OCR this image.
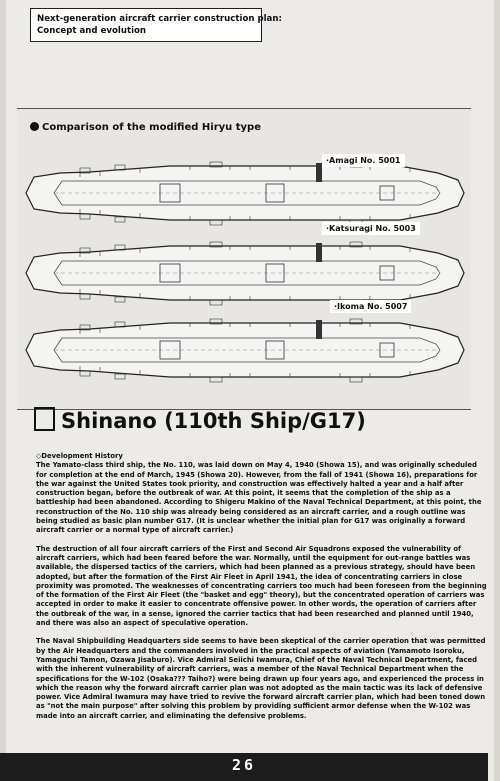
Next-generation aircraft carrier construction plan:
Concept and evolution
Comparison of the modified Hiryu type
·Amagi No. 5001
·Katsuragi No. 5003
·Ikoma No. 5007
Shinano (110th Ship/G17)

◇Development History

The Yamato-class third ship, the No. 110, was laid down on May 4, 1940 (Showa 15), and was originally scheduled for completion at the end of March, 1945 (Showa 20). However, from the fall of 1941 (Showa 16), preparations for the war against the United States took priority, and construction was effectively halted a year and a half after construction began, before the outbreak of war. At this point, it seems that the completion of the ship as a battleship had been abandoned. According to Shigeru Makino of the Naval Technical Department, at this point, the reconstruction of the No. 110 ship was already being considered as an aircraft carrier, and a rough outline was being studied as basic plan number G17. (It is unclear whether the initial plan for G17 was originally a forward aircraft carrier or a normal type of aircraft carrier.)

The destruction of all four aircraft carriers of the First and Second Air Squadrons exposed the vulnerability of aircraft carriers, which had been feared before the war. Normally, until the equipment for out-range battles was available, the dispersed tactics of the carriers, which had been planned as a previous strategy, should have been adopted, but after the formation of the First Air Fleet in April 1941, the idea of concentrating carriers in close proximity was promoted. The weaknesses of concentrating carriers too much had been foreseen from the beginning of the formation of the First Air Fleet (the "basket and egg" theory), but the concentrated operation of carriers was accepted in order to make it easier to concentrate offensive power. In other words, the operation of carriers after the outbreak of the war, in a sense, ignored the carrier tactics that had been researched and planned until 1940, and there was also an aspect of speculative operation.

The Naval Shipbuilding Headquarters side seems to have been skeptical of the carrier operation that was permitted by the Air Headquarters and the commanders involved in the practical aspects of aviation (Yamamoto Isoroku, Yamaguchi Tamon, Ozawa Jisaburo). Vice Admiral Seiichi Iwamura, Chief of the Naval Technical Department, faced with the inherent vulnerability of aircraft carriers, was a member of the Naval Technical Department when the specifications for the W-102 (Osaka??? Taiho?) were being drawn up four years ago, and experienced the process in which the reason why the forward aircraft carrier plan was not adopted as the main tactic was its lack of defensive power. Vice Admiral Iwamura may have tried to revive the forward aircraft carrier plan, which had been toned down as "not the main purpose" after solving this problem by providing sufficient armor defense when the W-102 was made into an aircraft carrier, and eliminating the defensive problems.

26
